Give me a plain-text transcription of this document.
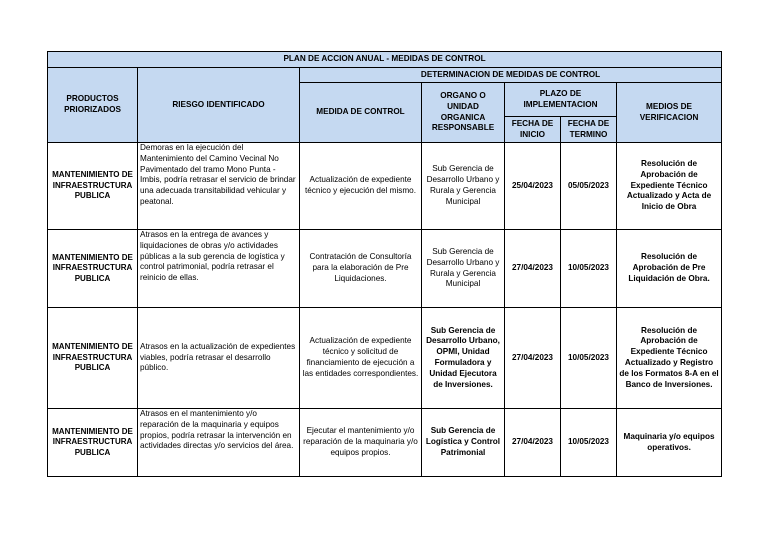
PLAN DE ACCION ANUAL - MEDIDAS DE CONTROL						
PRODUCTOS PRIORIZADOS	RIESGO IDENTIFICADO	DETERMINACION DE MEDIDAS DE CONTROL				
		MEDIDA DE CONTROL	ORGANO O UNIDAD ORGANICA RESPONSABLE	PLAZO DE IMPLEMENTACION		MEDIOS DE VERIFICACION
				FECHA DE INICIO	FECHA DE TERMINO	

MANTENIMIENTO DE INFRAESTRUCTURA PUBLICA	Demoras en la ejecución del Mantenimiento del Camino Vecinal No Pavimentado del tramo Mono Punta - Imbis, podría retrasar el servicio de brindar una adecuada transitabilidad vehicular y peatonal.	Actualización de expediente técnico y ejecución del mismo.	Sub Gerencia de Desarrollo Urbano y Rurala y Gerencia Municipal	25/04/2023	05/05/2023	Resolución de Aprobación de Expediente Técnico Actualizado y Acta de Inicio de Obra
MANTENIMIENTO DE INFRAESTRUCTURA PUBLICA	Atrasos en la entrega de avances y liquidaciones de obras y/o actividades públicas a la sub gerencia de logística y control patrimonial, podría retrasar el reinicio de ellas.	Contratación de Consultoría para la elaboración de Pre Liquidaciones.	Sub Gerencia de Desarrollo Urbano y Rurala y Gerencia Municipal	27/04/2023	10/05/2023	Resolución de Aprobación de Pre Liquidación de Obra.
MANTENIMIENTO DE INFRAESTRUCTURA PUBLICA	Atrasos en la actualización de expedientes viables, podría retrasar el desarrollo público.	Actualización de expediente técnico y solicitud de financiamiento de ejecución a las entidades correspondientes.	Sub Gerencia de Desarrollo Urbano, OPMI, Unidad Formuladora y Unidad Ejecutora de Inversiones.	27/04/2023	10/05/2023	Resolución de Aprobación de Expediente Técnico Actualizado y Registro de los Formatos 8-A en el Banco de Inversiones.
MANTENIMIENTO DE INFRAESTRUCTURA PUBLICA	Atrasos en el mantenimiento y/o reparación de la maquinaria y equipos propios, podría retrasar la intervención en actividades directas y/o servicios del área.	Ejecutar el mantenimiento y/o reparación de la maquinaria y/o equipos propios.	Sub Gerencia de Logística y Control Patrimonial	27/04/2023	10/05/2023	Maquinaria y/o equipos operativos.
